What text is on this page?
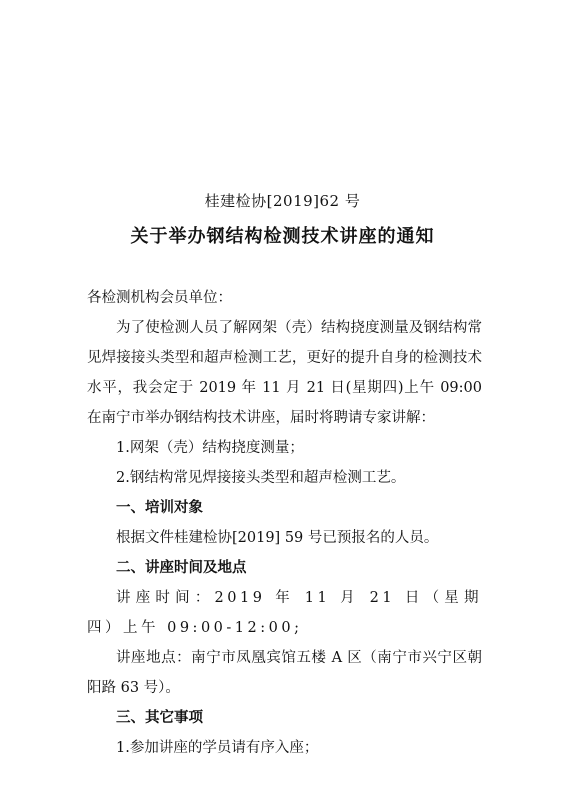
桂建检协[2019]62 号
关于举办钢结构检测技术讲座的通知

各检测机构会员单位：

为了使检测人员了解网架（壳）结构挠度测量及钢结构常见焊接接头类型和超声检测工艺，更好的提升自身的检测技术水平，我会定于 2019 年 11 月 21 日(星期四)上午 09:00 在南宁市举办钢结构技术讲座，届时将聘请专家讲解：

1.网架（壳）结构挠度测量；

2.钢结构常见焊接接头类型和超声检测工艺。

一、培训对象

根据文件桂建检协[2019] 59 号已预报名的人员。

二、讲座时间及地点

讲座时间：2019 年 11 月 21 日（星期四）上午 09:00-12:00;

讲座地点：南宁市凤凰宾馆五楼 A 区（南宁市兴宁区朝阳路 63 号）。

三、其它事项

1.参加讲座的学员请有序入座；
